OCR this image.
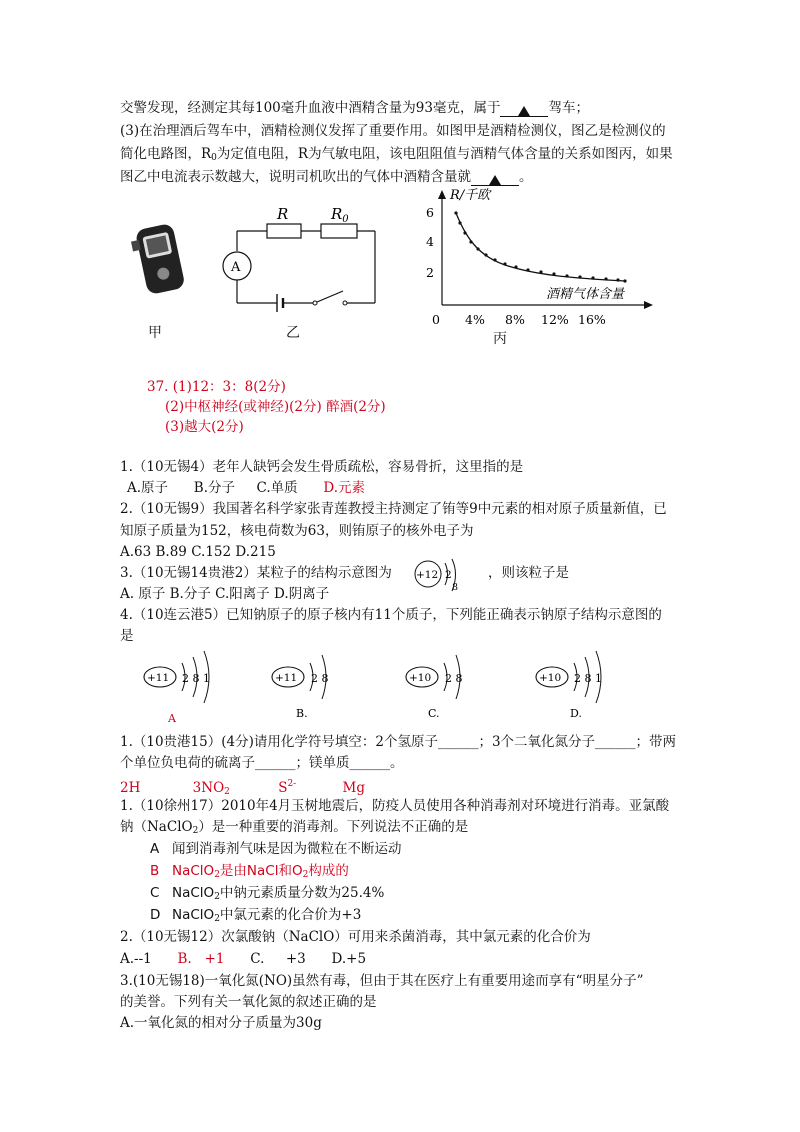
交警发现，经测定其每100毫升血液中酒精含量为93毫克，属于	驾车；
(3)在治理酒后驾车中，酒精检测仪发挥了重要作用。如图甲是酒精检测仪，图乙是检测仪的
简化电路图，$R_0$为定值电阻，R为气敏电阻，该电阻阻值与酒精气体含量的关系如图丙，如果
图乙中电流表示数越大，说明司机吹出的气体中酒精含量就	。
甲
R	$R_0$
A
乙
R/千欧
6
4
2
酒精气体含量
0 4% 8% 12% 16%
丙
37. (1)12：3：8(2分)
(2)中枢神经(或神经)(2分) 醉酒(2分)
(3)越大(2分)
1.（10无锡4）老年人缺钙会发生骨质疏松，容易骨折，这里指的是
A.原子 B.分子 C.单质 D.元素
2.（10无锡9）我国著名科学家张青莲教授主持测定了铕等9中元素的相对原子质量新值，已
知原子质量为152，核电荷数为63，则铕原子的核外电子为
A.63 B.89 C.152 D.215
3.（10无锡14贵港2）某粒子的结构示意图为 +12 2
8
，则该粒子是
A. 原子 B.分子 C.阳离子 D.阴离子
4.（10连云港5）已知钠原子的原子核内有11个质子，下列能正确表示钠原子结构示意图的
是
+11 2 8 1
A
+11 2 8
B.
+10 2 8
C.
+10 2 8 1
D.
1.（10贵港15）(4分)请用化学符号填空：2个氢原子______；3个二氧化氮分子______；带两
个单位负电荷的硫离子______；镁单质______。
2H	$3NO_2$	$S^{2-}$	Mg
1.（10徐州17）2010年4月玉树地震后，防疫人员使用各种消毒剂对环境进行消毒。亚氯酸
钠（NaClO$_2$）是一种重要的消毒剂。下列说法不正确的是
A 闻到消毒剂气味是因为微粒在不断运动
B NaClO$_2$是由NaCl和$O_2$构成的
C NaClO$_2$中钠元素质量分数为25.4%
D NaClO$_2$中氯元素的化合价为+3
2.（10无锡12）次氯酸钠（NaClO）可用来杀菌消毒，其中氯元素的化合价为
A.--1 B.   +1 C.     +3 D.+5
3.(10无锡18)一氧化氮(NO)虽然有毒，但由于其在医疗上有重要用途而享有“明星分子”
的美誉。下列有关一氧化氮的叙述正确的是
A.一氧化氮的相对分子质量为30g
